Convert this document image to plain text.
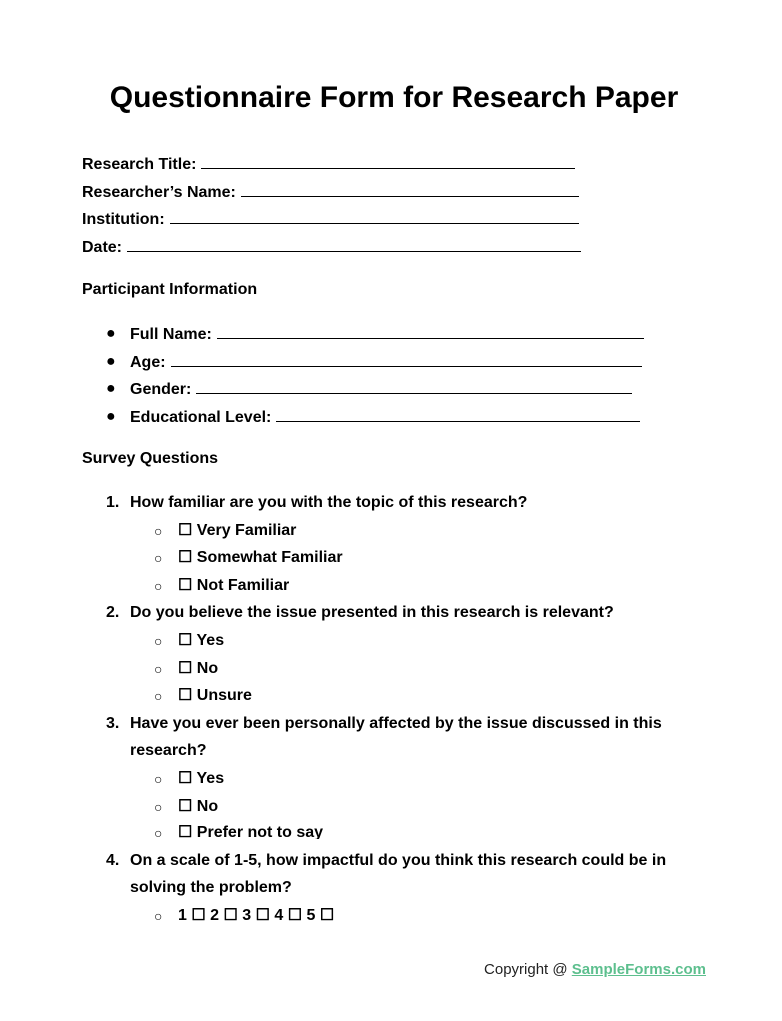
Questionnaire Form for Research Paper
Research Title:
Researcher’s Name:
Institution:
Date:
Participant Information
● Full Name:
● Age:
● Gender:
● Educational Level:
Survey Questions
1. How familiar are you with the topic of this research?
○ ☐ Very Familiar
○ ☐ Somewhat Familiar
○ ☐ Not Familiar
2. Do you believe the issue presented in this research is relevant?
○ ☐ Yes
○ ☐ No
○ ☐ Unsure
3. Have you ever been personally affected by the issue discussed in this
research?
○ ☐ Yes
○ ☐ No
○ ☐ Prefer not to say
4. On a scale of 1-5, how impactful do you think this research could be in
solving the problem?
○ 1 ☐ 2 ☐ 3 ☐ 4 ☐ 5 ☐
Copyright @ SampleForms.com
